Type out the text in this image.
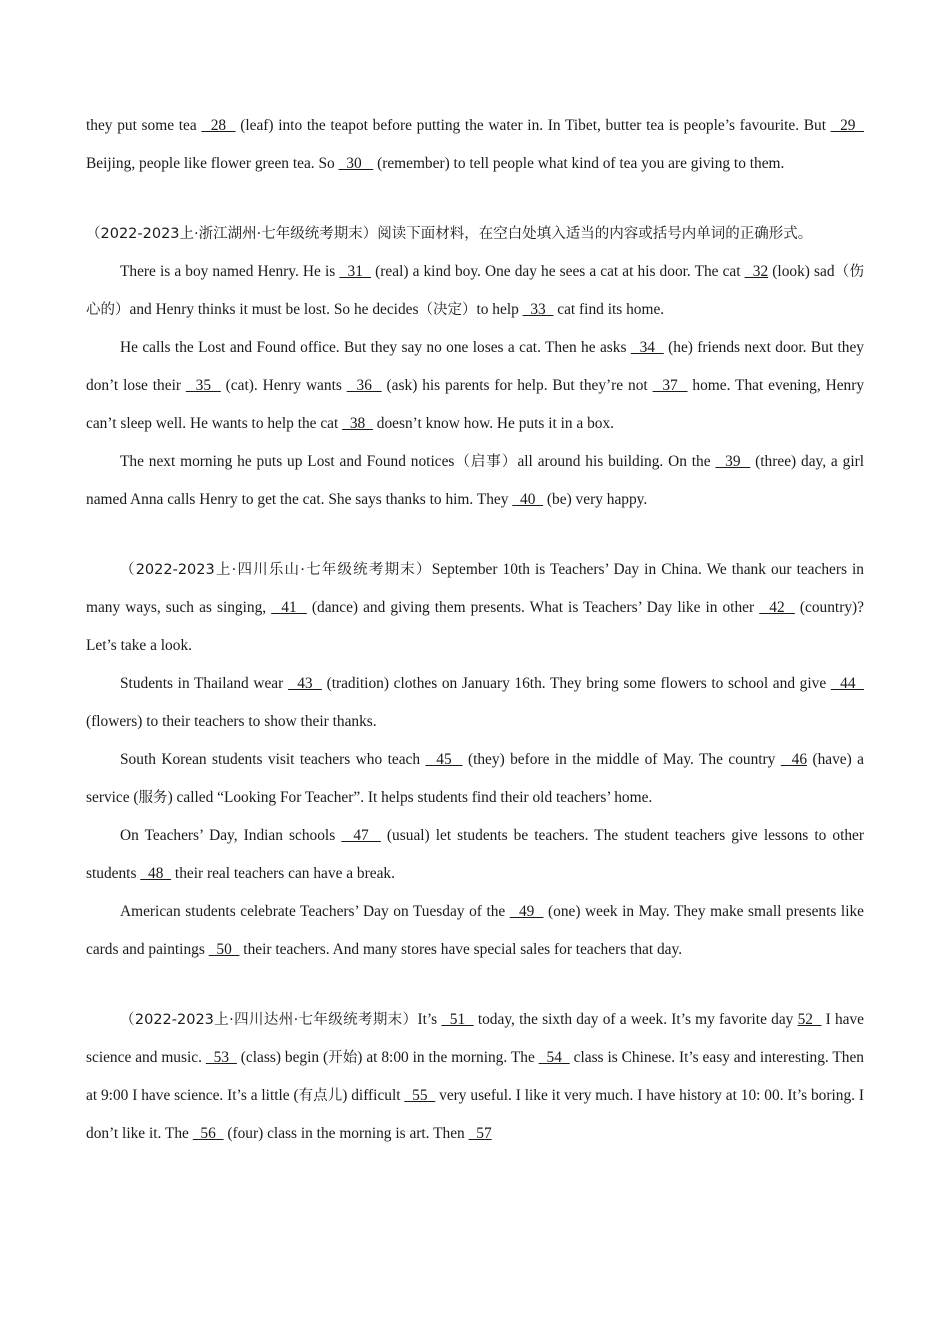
they put some tea   28   (leaf) into the teapot before putting the water in. In Tibet, butter tea is people’s favourite. But   29   Beijing, people like flower green tea. So   30    (remember) to tell people what kind of tea you are giving to them.

（2022-2023上·浙江湖州·七年级统考期末）阅读下面材料，在空白处填入适当的内容或括号内单词的正确形式。

There is a boy named Henry. He is   31   (real) a kind boy. One day he sees a cat at his door. The cat   32 (look) sad（伤心的）and Henry thinks it must be lost. So he decides（决定）to help   33   cat find its home.

He calls the Lost and Found office. But they say no one loses a cat. Then he asks   34   (he) friends next door. But they don’t lose their   35   (cat). Henry wants   36   (ask) his parents for help. But they’re not   37   home. That evening, Henry can’t sleep well. He wants to help the cat   38   doesn’t know how. He puts it in a box.

The next morning he puts up Lost and Found notices（启事）all around his building. On the   39   (three) day, a girl named Anna calls Henry to get the cat. She says thanks to him. They   40   (be) very happy.

（2022-2023上·四川乐山·七年级统考期末）September 10th is Teachers’ Day in China. We thank our teachers in many ways, such as singing,   41   (dance) and giving them presents. What is Teachers’ Day like in other   42   (country)? Let’s take a look.

Students in Thailand wear   43   (tradition) clothes on January 16th. They bring some flowers to school and give   44   (flowers) to their teachers to show their thanks.

South Korean students visit teachers who teach   45   (they) before in the middle of May. The country   46 (have) a service (服务) called “Looking For Teacher”. It helps students find their old teachers’ home.

On Teachers’ Day, Indian schools   47   (usual) let students be teachers. The student teachers give lessons to other students   48   their real teachers can have a break.

American students celebrate Teachers’ Day on Tuesday of the   49   (one) week in May. They make small presents like cards and paintings   50   their teachers. And many stores have special sales for teachers that day.

（2022-2023上·四川达州·七年级统考期末）It’s   51   today, the sixth day of a week. It’s my favorite day 52   I have science and music.   53   (class) begin (开始) at 8:00 in the morning. The   54   class is Chinese. It’s easy and interesting. Then at 9:00 I have science. It’s a little (有点儿) difficult   55   very useful. I like it very much. I have history at 10: 00. It’s boring. I don’t like it. The   56   (four) class in the morning is art. Then   57
